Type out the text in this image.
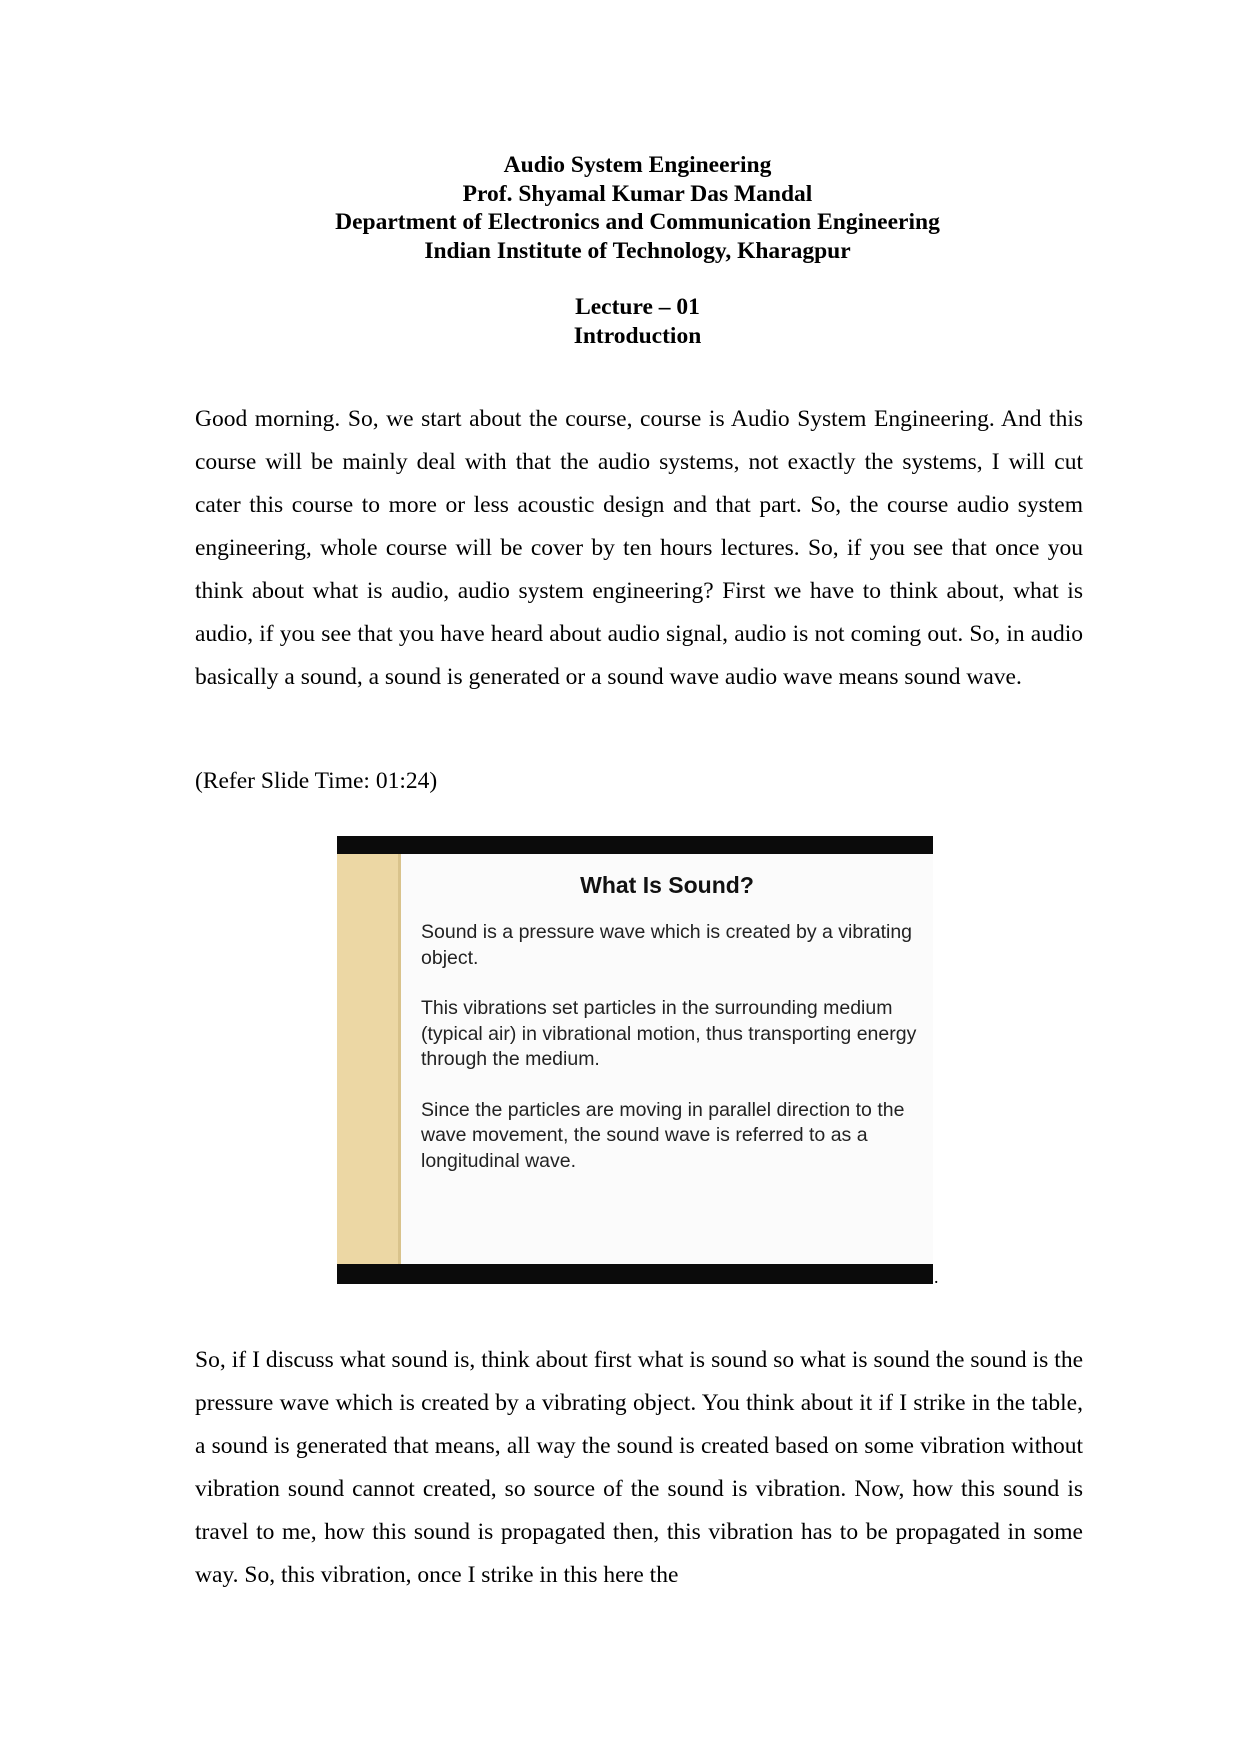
Audio System Engineering
Prof. Shyamal Kumar Das Mandal
Department of Electronics and Communication Engineering
Indian Institute of Technology, Kharagpur
Lecture – 01
Introduction

Good morning. So, we start about the course, course is Audio System Engineering. And this course will be mainly deal with that the audio systems, not exactly the systems, I will cut cater this course to more or less acoustic design and that part. So, the course audio system engineering, whole course will be cover by ten hours lectures. So, if you see that once you think about what is audio, audio system engineering? First we have to think about, what is audio, if you see that you have heard about audio signal, audio is not coming out. So, in audio basically a sound, a sound is generated or a sound wave audio wave means sound wave.

(Refer Slide Time: 01:24)
What Is Sound?

Sound is a pressure wave which is created by a vibrating object.

This vibrations set particles in the surrounding medium (typical air) in vibrational motion, thus transporting energy through the medium.

Since the particles are moving in parallel direction to the wave movement, the sound wave is referred to as a longitudinal wave.

.

So, if I discuss what sound is, think about first what is sound so what is sound the sound is the pressure wave which is created by a vibrating object. You think about it if I strike in the table, a sound is generated that means, all way the sound is created based on some vibration without vibration sound cannot created, so source of the sound is vibration. Now, how this sound is travel to me, how this sound is propagated then, this vibration has to be propagated in some way. So, this vibration, once I strike in this here the
